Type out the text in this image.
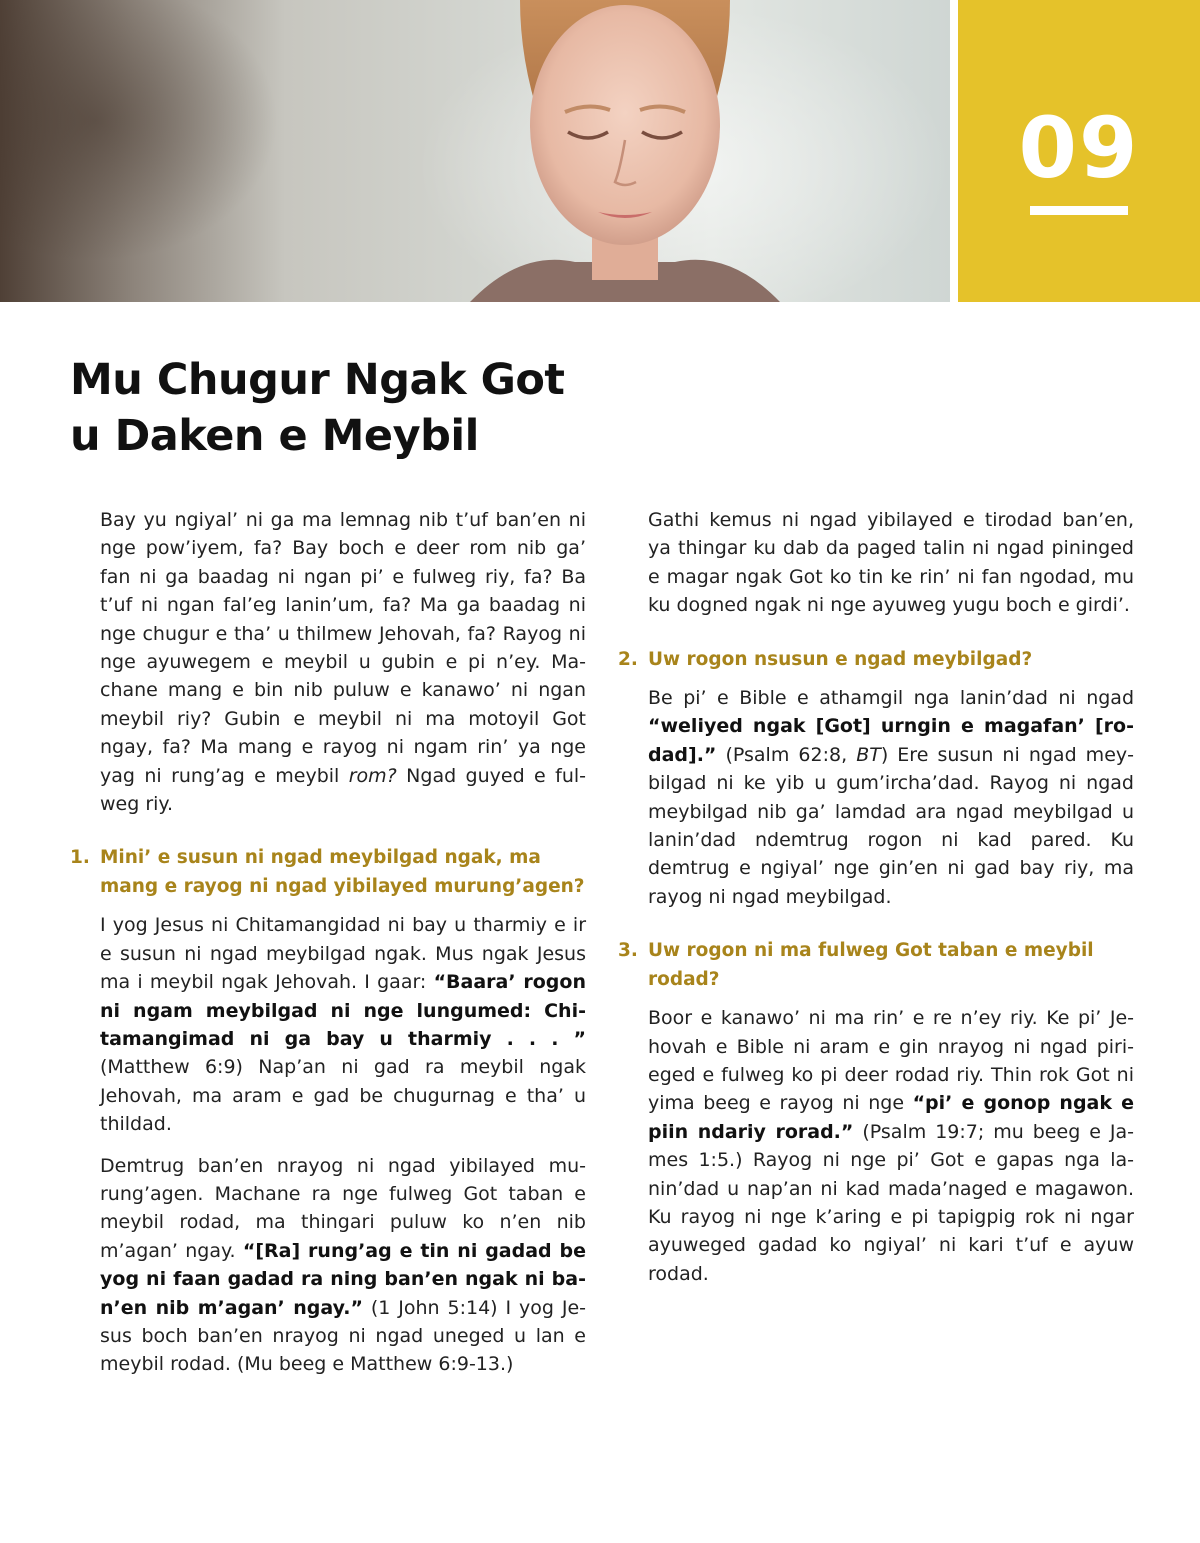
09
Mu Chugur Ngak Got
u Daken e Meybil

Bay yu ngiyal’ ni ga ma lemnag nib t’uf ban’en ni nge pow’iyem, fa? Bay boch e deer rom nib ga’ fan ni ga baadag ni ngan pi’ e fulweg riy, fa? Ba t’uf ni ngan fal’eg lanin’um, fa? Ma ga baadag ni nge chugur e tha’ u thilmew Jehovah, fa? Rayog ni nge ayuwegem e meybil u gubin e pi n’ey. Machane mang e bin nib puluw e kanawo’ ni ngan meybil riy? Gubin e meybil ni ma motoyil Got ngay, fa? Ma mang e rayog ni ngam rin’ ya nge yag ni rung’ag e meybil rom? Ngad guyed e fulweg riy.

1. Mini’ e susun ni ngad meybilgad ngak, ma mang e rayog ni ngad yibilayed murung’agen?

I yog Jesus ni Chitamangidad ni bay u tharmiy e ir e susun ni ngad meybilgad ngak. Mus ngak Jesus ma i meybil ngak Jehovah. I gaar: “Baara’ rogon ni ngam meybilgad ni nge lungumed: Chitamangimad ni ga bay u tharmiy . . . ” (Matthew 6:9) Nap’an ni gad ra meybil ngak Jehovah, ma aram e gad be chugurnag e tha’ u thildad.

Demtrug ban’en nrayog ni ngad yibilayed murung’agen. Machane ra nge fulweg Got taban e meybil rodad, ma thingari puluw ko n’en nib m’agan’ ngay. “[Ra] rung’ag e tin ni gadad be yog ni faan gadad ra ning ban’en ngak ni ban’en nib m’agan’ ngay.” (1 John 5:14) I yog Jesus boch ban’en nrayog ni ngad uneged u lan e meybil rodad. (Mu beeg e Matthew 6:9-13.)

Gathi kemus ni ngad yibilayed e tirodad ban’en, ya thingar ku dab da paged talin ni ngad pininged e magar ngak Got ko tin ke rin’ ni fan ngodad, mu ku dogned ngak ni nge ayuweg yugu boch e girdi’.

2. Uw rogon nsusun e ngad meybilgad?

Be pi’ e Bible e athamgil nga lanin’dad ni ngad “weliyed ngak [Got] urngin e magafan’ [rodad].” (Psalm 62:8, BT) Ere susun ni ngad meybilgad ni ke yib u gum’ircha’dad. Rayog ni ngad meybilgad nib ga’ lamdad ara ngad meybilgad u lanin’dad ndemtrug rogon ni kad pared. Ku demtrug e ngiyal’ nge gin’en ni gad bay riy, ma rayog ni ngad meybilgad.

3. Uw rogon ni ma fulweg Got taban e meybil rodad?

Boor e kanawo’ ni ma rin’ e re n’ey riy. Ke pi’ Jehovah e Bible ni aram e gin nrayog ni ngad pirieged e fulweg ko pi deer rodad riy. Thin rok Got ni yima beeg e rayog ni nge “pi’ e gonop ngak e piin ndariy rorad.” (Psalm 19:7; mu beeg e James 1:5.) Rayog ni nge pi’ Got e gapas nga lanin’dad u nap’an ni kad mada’naged e magawon. Ku rayog ni nge k’aring e pi tapigpig rok ni ngar ayuweged gadad ko ngiyal’ ni kari t’uf e ayuw rodad.
